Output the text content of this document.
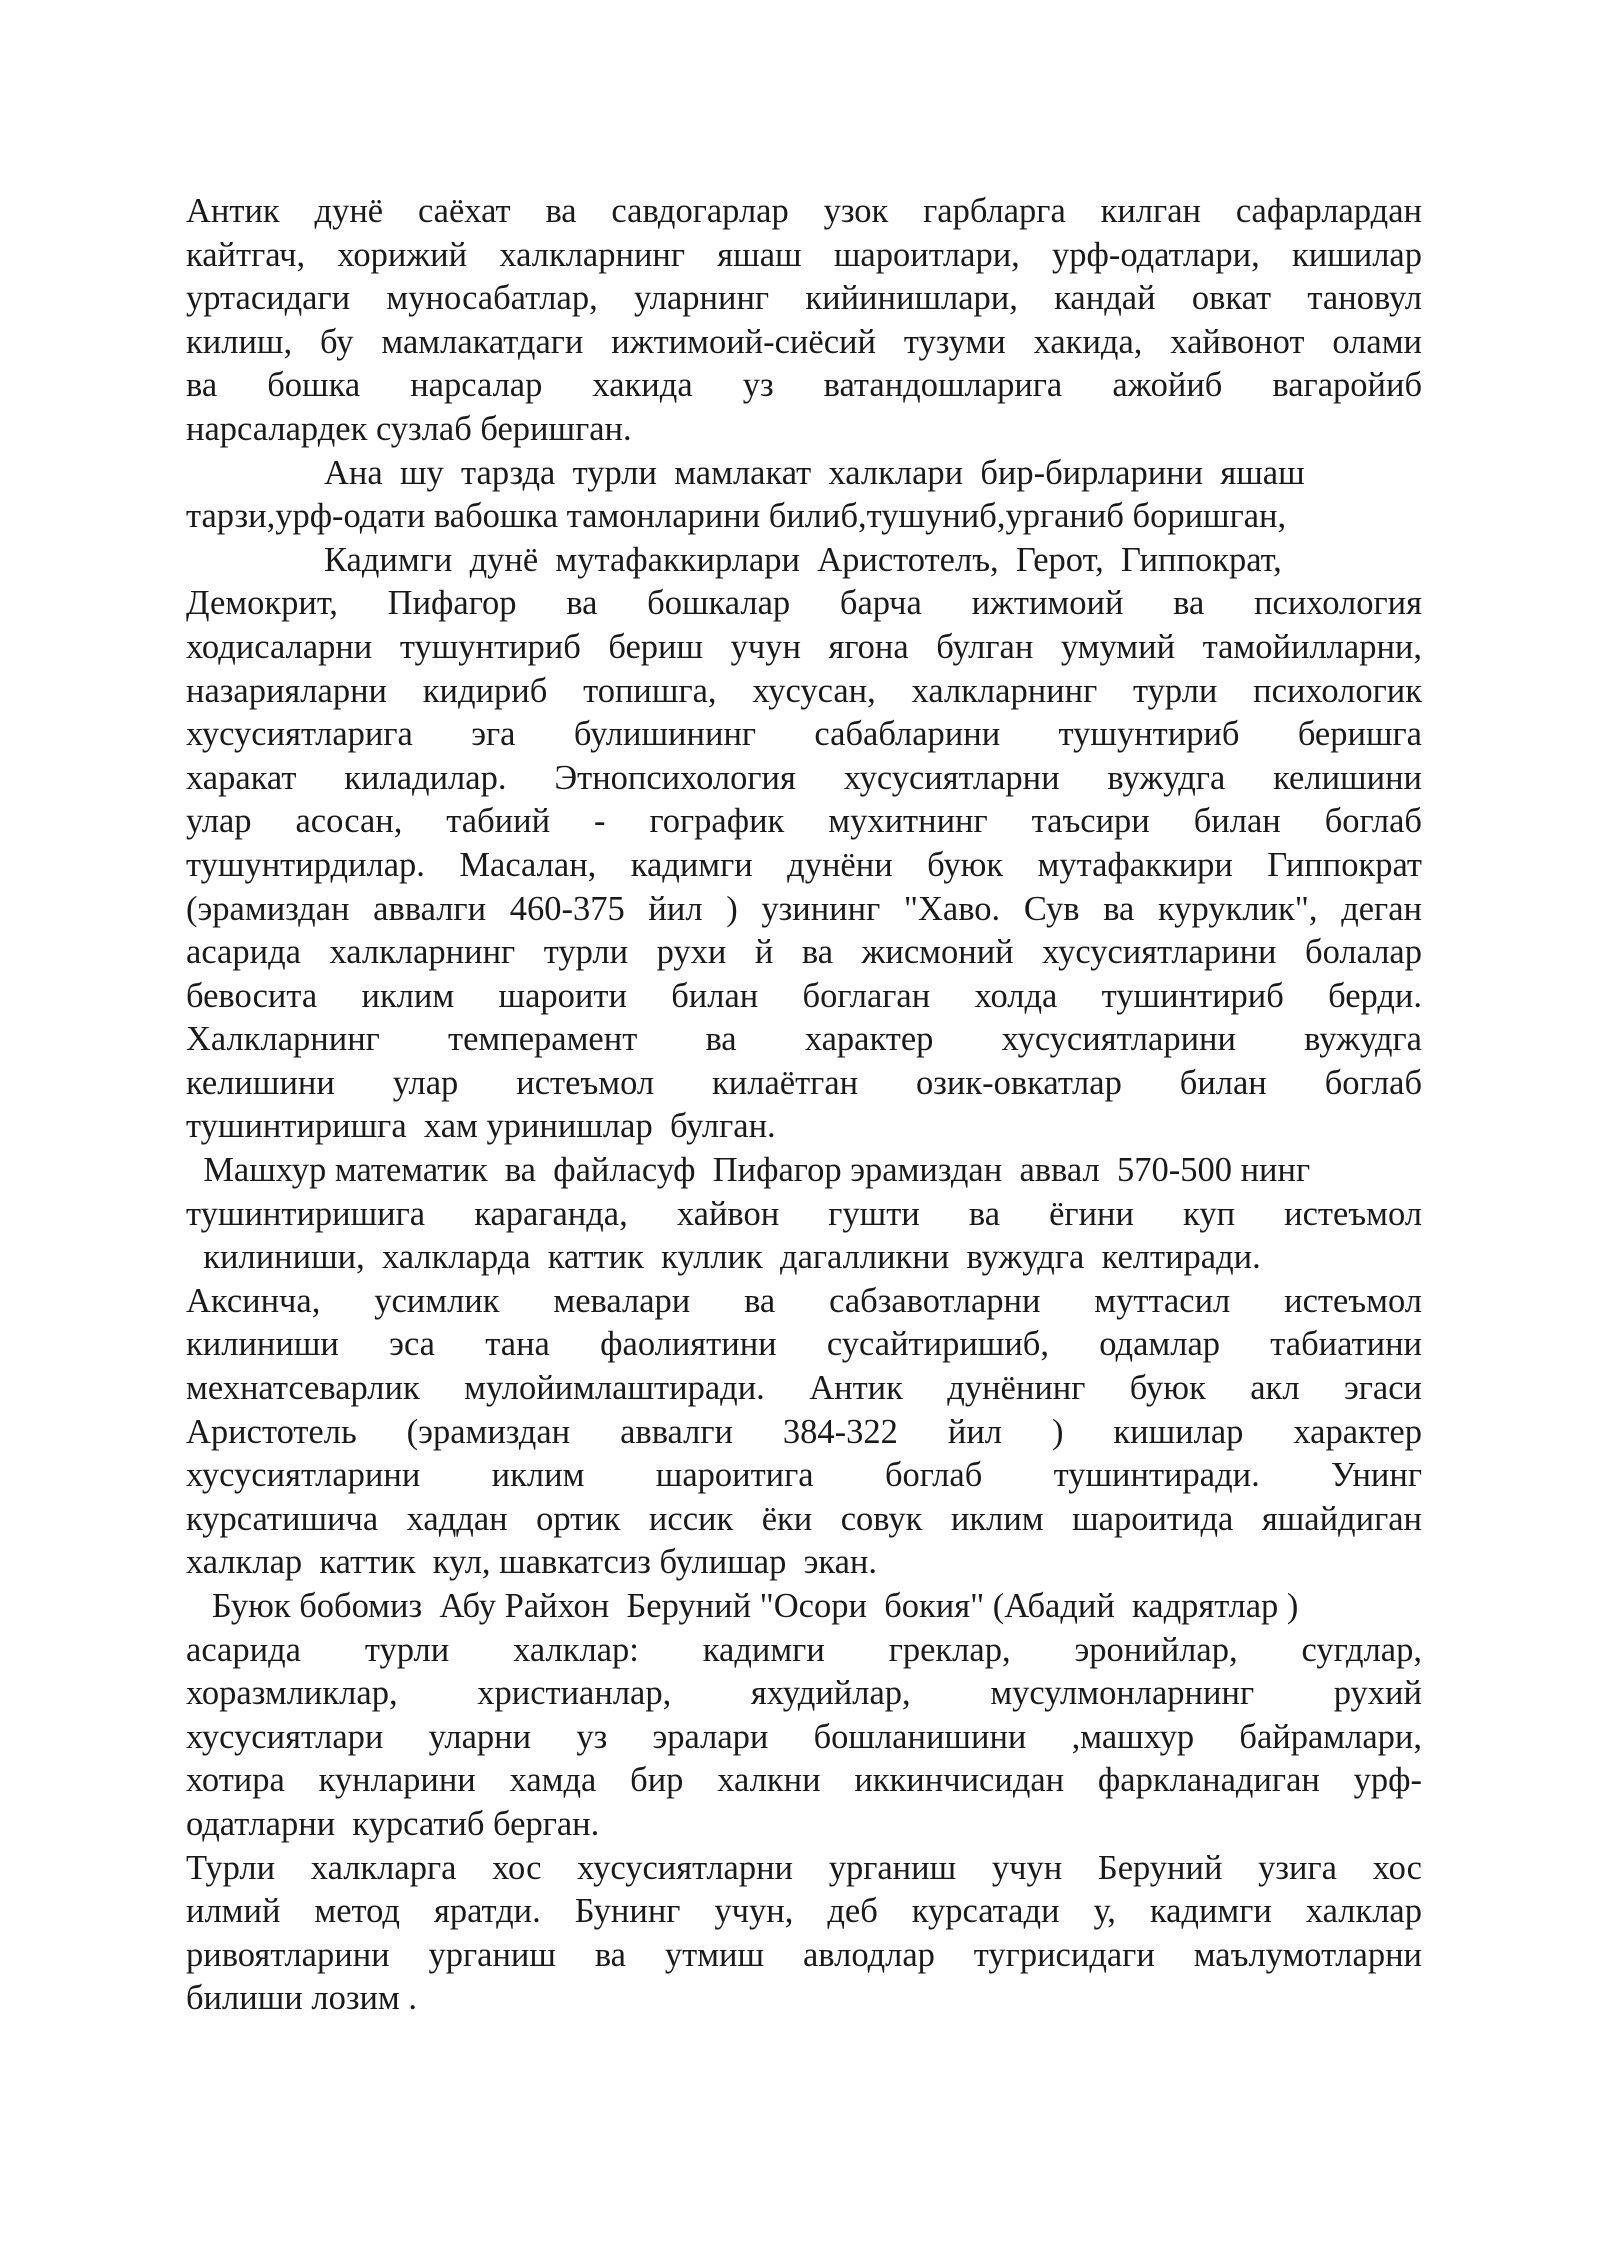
Антик дунё саёхат ва савдогарлар узок гарбларга килган сафарлардан
кайтгач, хорижий халкларнинг яшаш шароитлари, урф-одатлари, кишилар
уртасидаги муносабатлар, уларнинг кийинишлари, кандай овкат тановул
килиш, бу мамлакатдаги ижтимоий-сиёсий тузуми хакида, хайвонот олами
ва бошка нарсалар хакида уз ватандошларига ажойиб вагаройиб
нарсалардек сузлаб беришган.
Ана  шу  тарзда  турли  мамлакат  халклари  бир-бирларини  яшаш
тарзи,урф-одати вабошка тамонларини билиб,тушуниб,урганиб боришган,
Кадимги  дунё  мутафаккирлари  Аристотелъ,  Герот,  Гиппократ,
Демокрит, Пифагор ва бошкалар барча ижтимоий ва психология
ходисаларни тушунтириб бериш учун ягона булган умумий тамойилларни,
назарияларни кидириб топишга, хусусан, халкларнинг турли психологик
хусусиятларига эга булишининг сабабларини тушунтириб беришга
харакат киладилар. Этнопсихология хусусиятларни вужудга келишини
улар асосан, табиий - гографик мухитнинг таъсири билан боглаб
тушунтирдилар. Масалан, кадимги дунёни буюк мутафаккири Гиппократ
(эрамиздан аввалги 460-375 йил ) узининг "Хаво. Сув ва куруклик", деган
асарида халкларнинг турли рухи й ва жисмоний хусусиятларини болалар
бевосита иклим шароити билан боглаган холда тушинтириб берди.
Халкларнинг темперамент ва характер хусусиятларини вужудга
келишини улар истеъмол килаётган озик-овкатлар билан боглаб
тушинтиришга  хам уринишлар  булган.
Машхур математик  ва  файласуф  Пифагор эрамиздан  аввал  570-500 нинг
тушинтиришига караганда, хайвон гушти ва ёгини куп истеъмол
килиниши,  халкларда  каттик  куллик  дагалликни  вужудга  келтиради.
Аксинча, усимлик мевалари ва сабзавотларни муттасил истеъмол
килиниши эса тана фаолиятини сусайтиришиб, одамлар табиатини
мехнатсеварлик мулойимлаштиради. Антик дунёнинг буюк акл эгаси
Аристотель (эрамиздан аввалги 384-322 йил ) кишилар характер
хусусиятларини иклим шароитига боглаб тушинтиради. Унинг
курсатишича хаддан ортик иссик ёки совук иклим шароитида яшайдиган
халклар  каттик  кул, шавкатсиз булишар  экан.
Буюк бобомиз  Абу Райхон  Беруний "Осори  бокия" (Абадий  кадрятлар )
асарида турли халклар: кадимги греклар, эронийлар, сугдлар,
хоразмликлар, христианлар, яхудийлар, мусулмонларнинг рухий
хусусиятлари уларни уз эралари бошланишини ,машхур байрамлари,
хотира кунларини хамда бир халкни иккинчисидан фаркланадиган урф-
одатларни  курсатиб берган.
Турли халкларга хос хусусиятларни урганиш учун Беруний узига хос
илмий метод яратди. Бунинг учун, деб курсатади у, кадимги халклар
ривоятларини урганиш ва утмиш авлодлар тугрисидаги маълумотларни
билиши лозим .
